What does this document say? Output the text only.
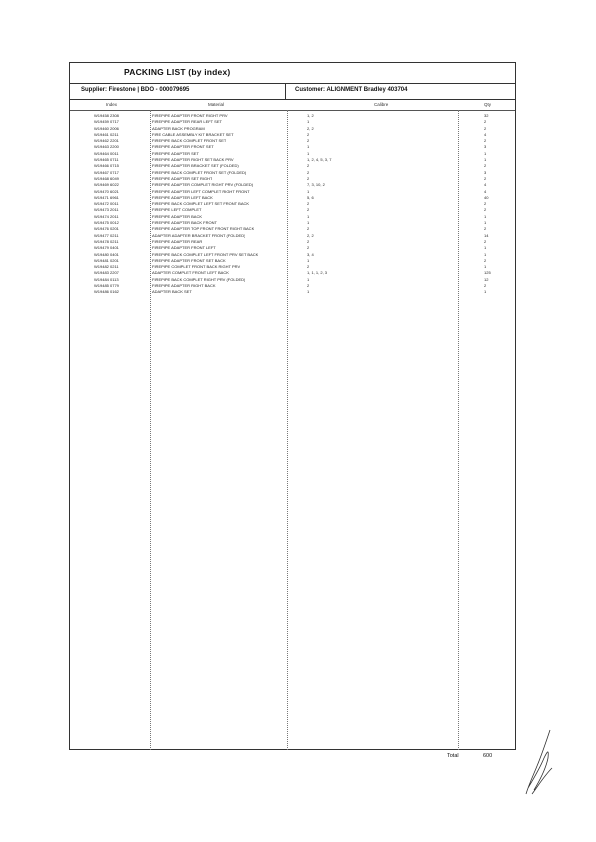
PACKING LIST (by index)
Supplier: Firestone | BDO - 000079695	Customer: ALIGNMENT Bradley 403704
Index	Material	Calibre	Qty
W19458 2308	FIREPIPE ADAPTER FRONT RIGHT PRV	1, 2	32
W19459 0717	FIREPIPE ADAPTER REAR LEFT SET	1	2
W19460 2006	ADAPTER BACK PROGRAM	2, 2	2
W19461 0211	FIRE CABLE ASSEMBLY KIT BRACKET SET	2	4
W19462 2201	FIREPIPE BACK COMPLET FRONT SET	2	2
W19463 2200	FIREPIPE ADAPTER FRONT SET	1	3
W19464 0011	FIREPIPE ADAPTER SET	1	1
W19465 0711	FIREPIPE ADAPTER RIGHT SET BACK PRV	1, 2, 4, 5, 3, 7	1
W19466 0715	FIREPIPE ADAPTER BRACKET SET (FOLDED)	2	2
W19467 0717	FIREPIPE BACK COMPLET FRONT SET (FOLDED)	2	3
W19468 6049	FIREPIPE ADAPTER SET RIGHT	2	2
W19469 6022	FIREPIPE ADAPTER COMPLET RIGHT PRV (FOLDED)	7, 3, 10, 2	4
W19470 6021	FIREPIPE ADAPTER LEFT COMPLET RIGHT FRONT	1	4
W19471 6961	FIREPIPE ADAPTER LEFT BACK	5, 6	40
W19472 0011	FIREPIPE BACK COMPLET LEFT SET FRONT BACK	2	2
W19473 2011	FIREPIPE LEFT COMPLET	2	2
W19474 2011	FIREPIPE ADAPTER BACK	1	1
W19475 0012	FIREPIPE ADAPTER BACK FRONT	1	1
W19476 0201	FIREPIPE ADAPTER TOP FRONT FRONT RIGHT BACK	2	2
W19477 0211	ADAPTER ADAPTER BRACKET FRONT (FOLDED)	2, 2	14
W19478 0211	FIREPIPE ADAPTER REAR	2	2
W19479 0401	FIREPIPE ADAPTER FRONT LEFT	2	1
W19480 0401	FIREPIPE BACK COMPLET LEFT FRONT PRV SET BACK	3, 4	1
W19481 0201	FIREPIPE ADAPTER FRONT SET BACK	1	2
W19482 0211	FIREPIPE COMPLET FRONT BACK RIGHT PRV	2	1
W19483 2207	ADAPTER COMPLET FRONT LEFT BACK	1, 1, 1, 2, 3	125
W19484 0113	FIREPIPE BACK COMPLET RIGHT PRV (FOLDED)	1	12
W19485 0779	FIREPIPE ADAPTER RIGHT BACK	2	2
W19486 0162	ADAPTER BACK SET	1	1
Total	600
